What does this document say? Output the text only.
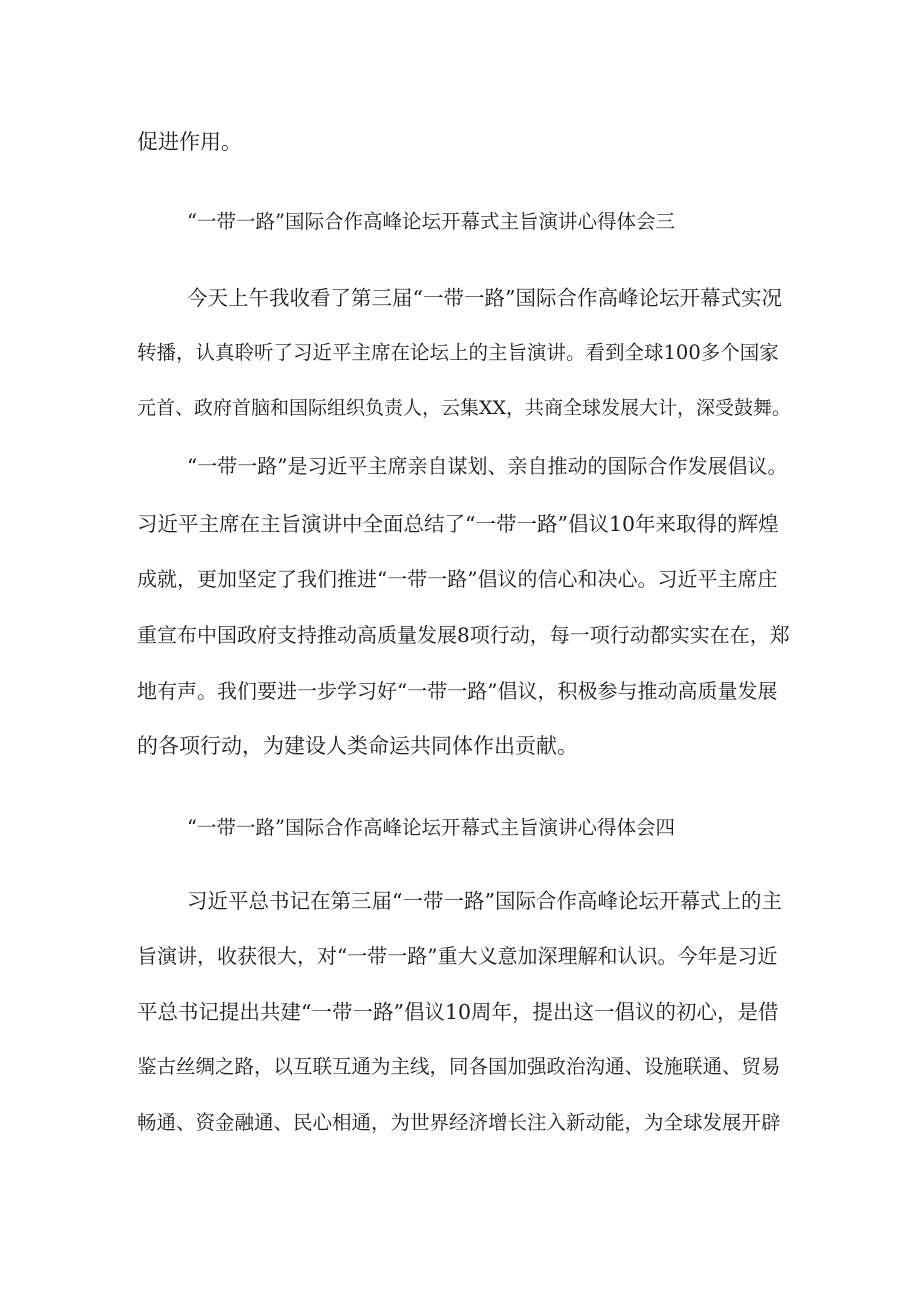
促进作用。
“一带一路”国际合作高峰论坛开幕式主旨演讲心得体会三
今天上午我收看了第三届“一带一路”国际合作高峰论坛开幕式实况
转播，认真聆听了习近平主席在论坛上的主旨演讲。看到全球100多个国家
元首、政府首脑和国际组织负责人，云集XX，共商全球发展大计，深受鼓舞。
“一带一路”是习近平主席亲自谋划、亲自推动的国际合作发展倡议。
习近平主席在主旨演讲中全面总结了“一带一路”倡议10年来取得的辉煌
成就，更加坚定了我们推进“一带一路”倡议的信心和决心。习近平主席庄
重宣布中国政府支持推动高质量发展8项行动，每一项行动都实实在在，郑
地有声。我们要进一步学习好“一带一路”倡议，积极参与推动高质量发展
的各项行动，为建设人类命运共同体作出贡献。
“一带一路”国际合作高峰论坛开幕式主旨演讲心得体会四
习近平总书记在第三届“一带一路”国际合作高峰论坛开幕式上的主
旨演讲，收获很大，对“一带一路”重大义意加深理解和认识。今年是习近
平总书记提出共建“一带一路”倡议10周年，提出这一倡议的初心，是借
鉴古丝绸之路，以互联互通为主线，同各国加强政治沟通、设施联通、贸易
畅通、资金融通、民心相通，为世界经济增长注入新动能，为全球发展开辟
